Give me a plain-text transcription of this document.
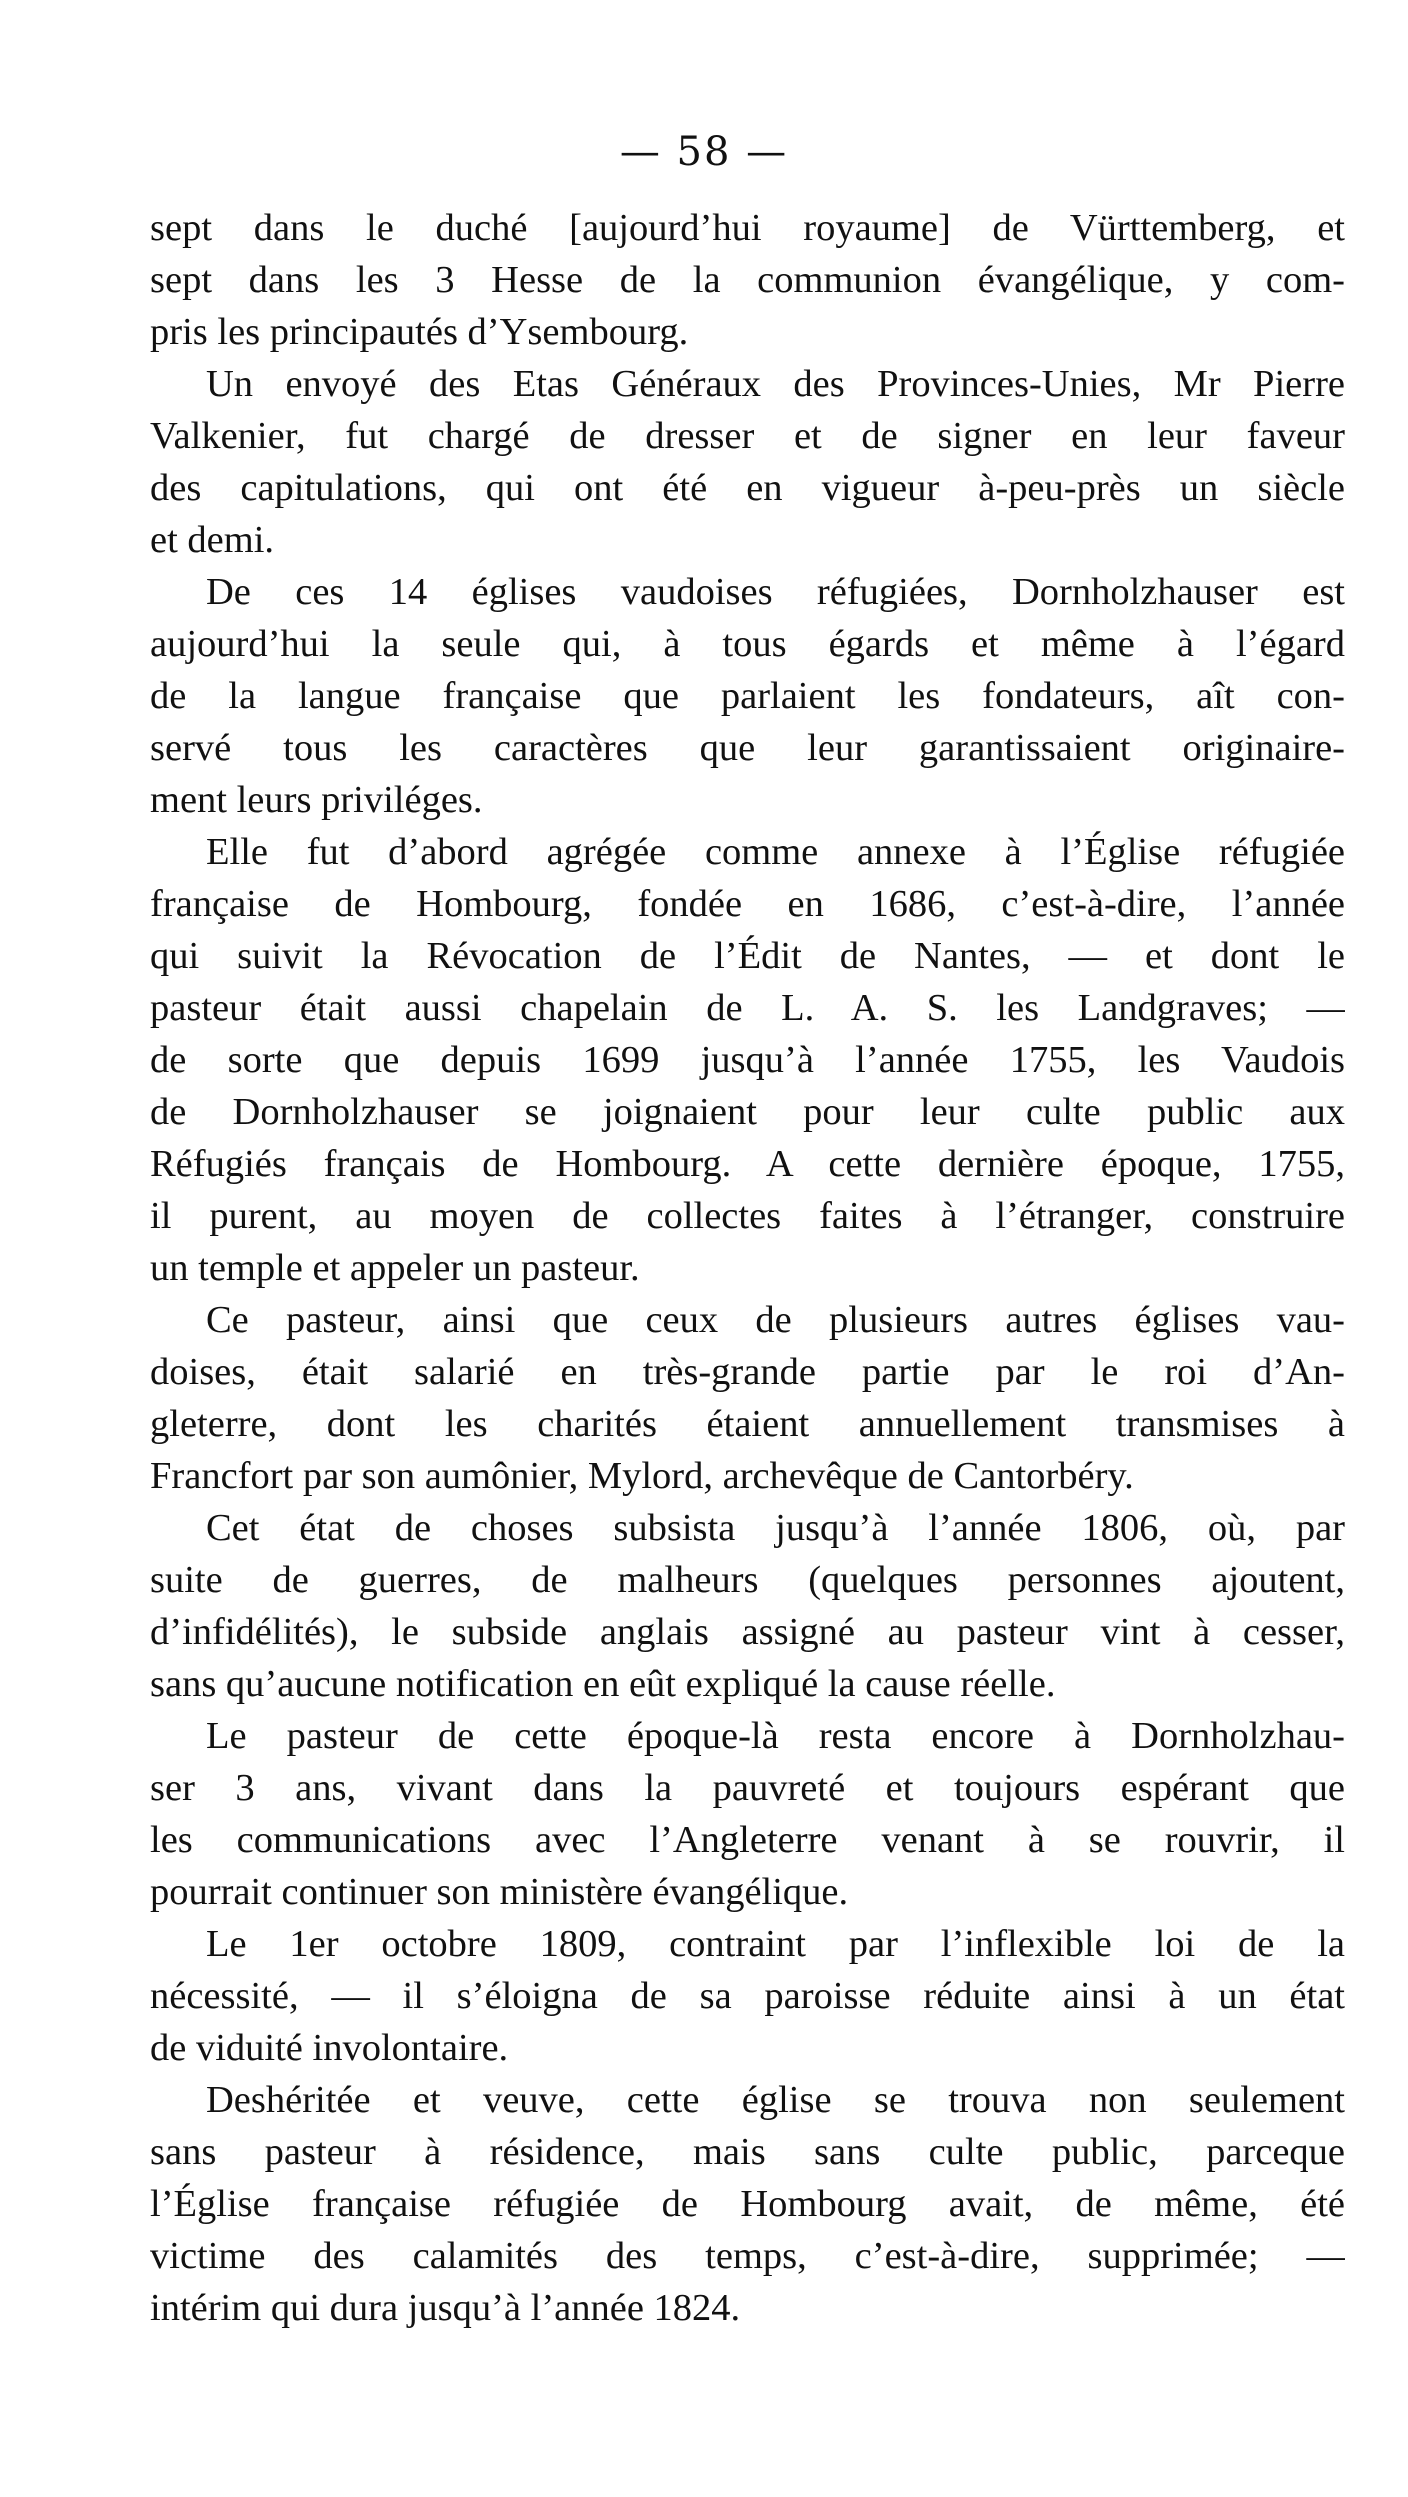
— 58 —
sept dans le duché [aujourd’hui royaume] de Vürttemberg, et
sept dans les 3 Hesse de la communion évangélique, y com-
pris les principautés d’Ysembourg.
Un envoyé des Etas Généraux des Provinces-Unies, Mr Pierre
Valkenier, fut chargé de dresser et de signer en leur faveur
des capitulations, qui ont été en vigueur à-peu-près un siècle
et demi.
De ces 14 églises vaudoises réfugiées, Dornholzhauser est
aujourd’hui la seule qui, à tous égards et même à l’égard
de la langue française que parlaient les fondateurs, aît con-
servé tous les caractères que leur garantissaient originaire-
ment leurs priviléges.
Elle fut d’abord agrégée comme annexe à l’Église réfugiée
française de Hombourg, fondée en 1686, c’est-à-dire, l’année
qui suivit la Révocation de l’Édit de Nantes, — et dont le
pasteur était aussi chapelain de L. A. S. les Landgraves; —
de sorte que depuis 1699 jusqu’à l’année 1755, les Vaudois
de Dornholzhauser se joignaient pour leur culte public aux
Réfugiés français de Hombourg. A cette dernière époque, 1755,
il purent, au moyen de collectes faites à l’étranger, construire
un temple et appeler un pasteur.
Ce pasteur, ainsi que ceux de plusieurs autres églises vau-
doises, était salarié en très-grande partie par le roi d’An-
gleterre, dont les charités étaient annuellement transmises à
Francfort par son aumônier, Mylord, archevêque de Cantorbéry.
Cet état de choses subsista jusqu’à l’année 1806, où, par
suite de guerres, de malheurs (quelques personnes ajoutent,
d’infidélités), le subside anglais assigné au pasteur vint à cesser,
sans qu’aucune notification en eût expliqué la cause réelle.
Le pasteur de cette époque-là resta encore à Dornholzhau-
ser 3 ans, vivant dans la pauvreté et toujours espérant que
les communications avec l’Angleterre venant à se rouvrir, il
pourrait continuer son ministère évangélique.
Le 1er octobre 1809, contraint par l’inflexible loi de la
nécessité, — il s’éloigna de sa paroisse réduite ainsi à un état
de viduité involontaire.
Deshéritée et veuve, cette église se trouva non seulement
sans pasteur à résidence, mais sans culte public, parceque
l’Église française réfugiée de Hombourg avait, de même, été
victime des calamités des temps, c’est-à-dire, supprimée; —
intérim qui dura jusqu’à l’année 1824.
